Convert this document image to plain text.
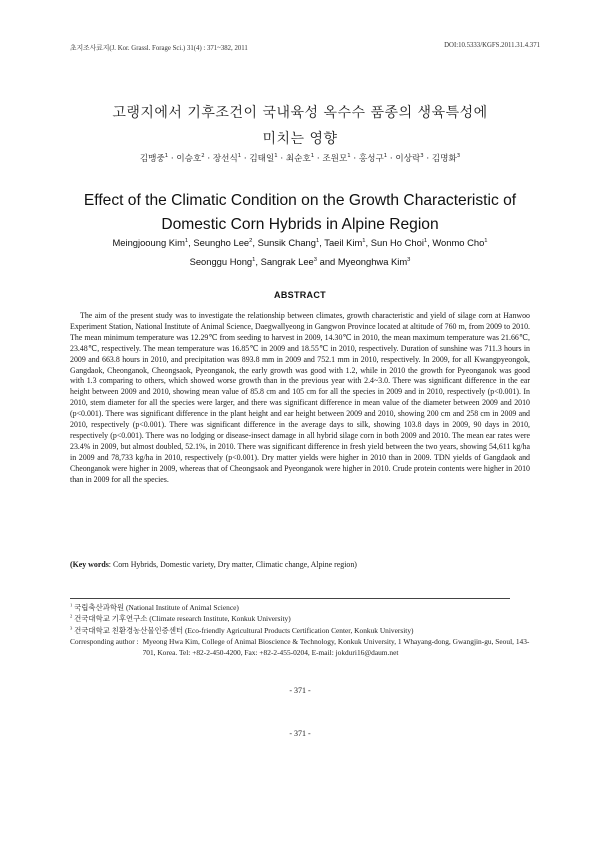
초지조사료지(J. Kor. Grassl. Forage Sci.) 31(4) : 371~382, 2011	DOI:10.5333/KGFS.2011.31.4.371
고랭지에서 기후조건이 국내육성 옥수수 품종의 생육특성에
미치는 영향
김맹중$^1$ · 이승호$^2$ · 장선식$^1$ · 김태일$^1$ · 최순호$^1$ · 조원모$^1$ · 홍성구$^1$ · 이상락$^3$ · 김명화$^3$
Effect of the Climatic Condition on the Growth Characteristic of
Domestic Corn Hybrids in Alpine Region
Meingjooung Kim$^1$, Seungho Lee$^2$, Sunsik Chang$^1$, Taeil Kim$^1$, Sun Ho Choi$^1$, Wonmo Cho$^1$
Seonggu Hong$^1$, Sangrak Lee$^3$ and Myeonghwa Kim$^3$
ABSTRACT

The aim of the present study was to investigate the relationship between climates, growth characteristic and yield of silage corn at Hanwoo Experiment Station, National Institute of Animal Science, Daegwallyeong in Gangwon Province located at altitude of 760 m, from 2009 to 2010. The mean minimum temperature was 12.29℃ from seeding to harvest in 2009, 14.30℃ in 2010, the mean maximum temperature was 21.66℃, 23.48℃, respectively. The mean temperature was 16.85℃ in 2009 and 18.55℃ in 2010, respectively. Duration of sunshine was 711.3 hours in 2009 and 663.8 hours in 2010, and precipitation was 893.8 mm in 2009 and 752.1 mm in 2010, respectively. In 2009, for all Kwangpyeongok, Gangdaok, Cheonganok, Cheongsaok, Pyeonganok, the early growth was good with 1.2, while in 2010 the growth for Pyeonganok was good with 1.3 comparing to others, which showed worse growth than in the previous year with 2.4~3.0. There was significant difference in the ear height between 2009 and 2010, showing mean value of 85.8 cm and 105 cm for all the species in 2009 and in 2010, respectively (p<0.001). In 2010, stem diameter for all the species were larger, and there was significant difference in mean value of the diameter between 2009 and 2010 (p<0.001). There was significant difference in the plant height and ear height between 2009 and 2010, showing 200 cm and 258 cm in 2009 and 2010, respectively (p<0.001). There was significant difference in the average days to silk, showing 103.8 days in 2009, 90 days in 2010, respectively (p<0.001). There was no lodging or disease-insect damage in all hybrid silage corn in both 2009 and 2010. The mean ear rates were 23.4% in 2009, but almost doubled, 52.1%, in 2010. There was significant difference in fresh yield between the two years, showing 54,611 kg/ha in 2009 and 78,733 kg/ha in 2010, respectively (p<0.001). Dry matter yields were higher in 2010 than in 2009. TDN yields of Gangdaok and Cheonganok were higher in 2009, whereas that of Cheongsaok and Pyeonganok were higher in 2010. Crude protein contents were higher in 2010 than in 2009 for all the species.

(Key words: Corn Hybrids, Domestic variety, Dry matter, Climatic change, Alpine region)

$^1$ 국립축산과학원 (National Institute of Animal Science)

$^2$ 건국대학교 기후연구소 (Climate research Institute, Konkuk University)

$^3$ 건국대학교 친환경농산물인증센터 (Eco-friendly Agricultural Products Certification Center, Konkuk University)

Corresponding author : Myeong Hwa Kim, College of Animal Bioscience & Technology, Konkuk University, 1 Whayang-dong, Gwangjin-gu, Seoul, 143-701, Korea. Tel: +82-2-450-4200, Fax: +82-2-455-0204, E-mail: jokduri16@daum.net
- 371 -
- 371 -
